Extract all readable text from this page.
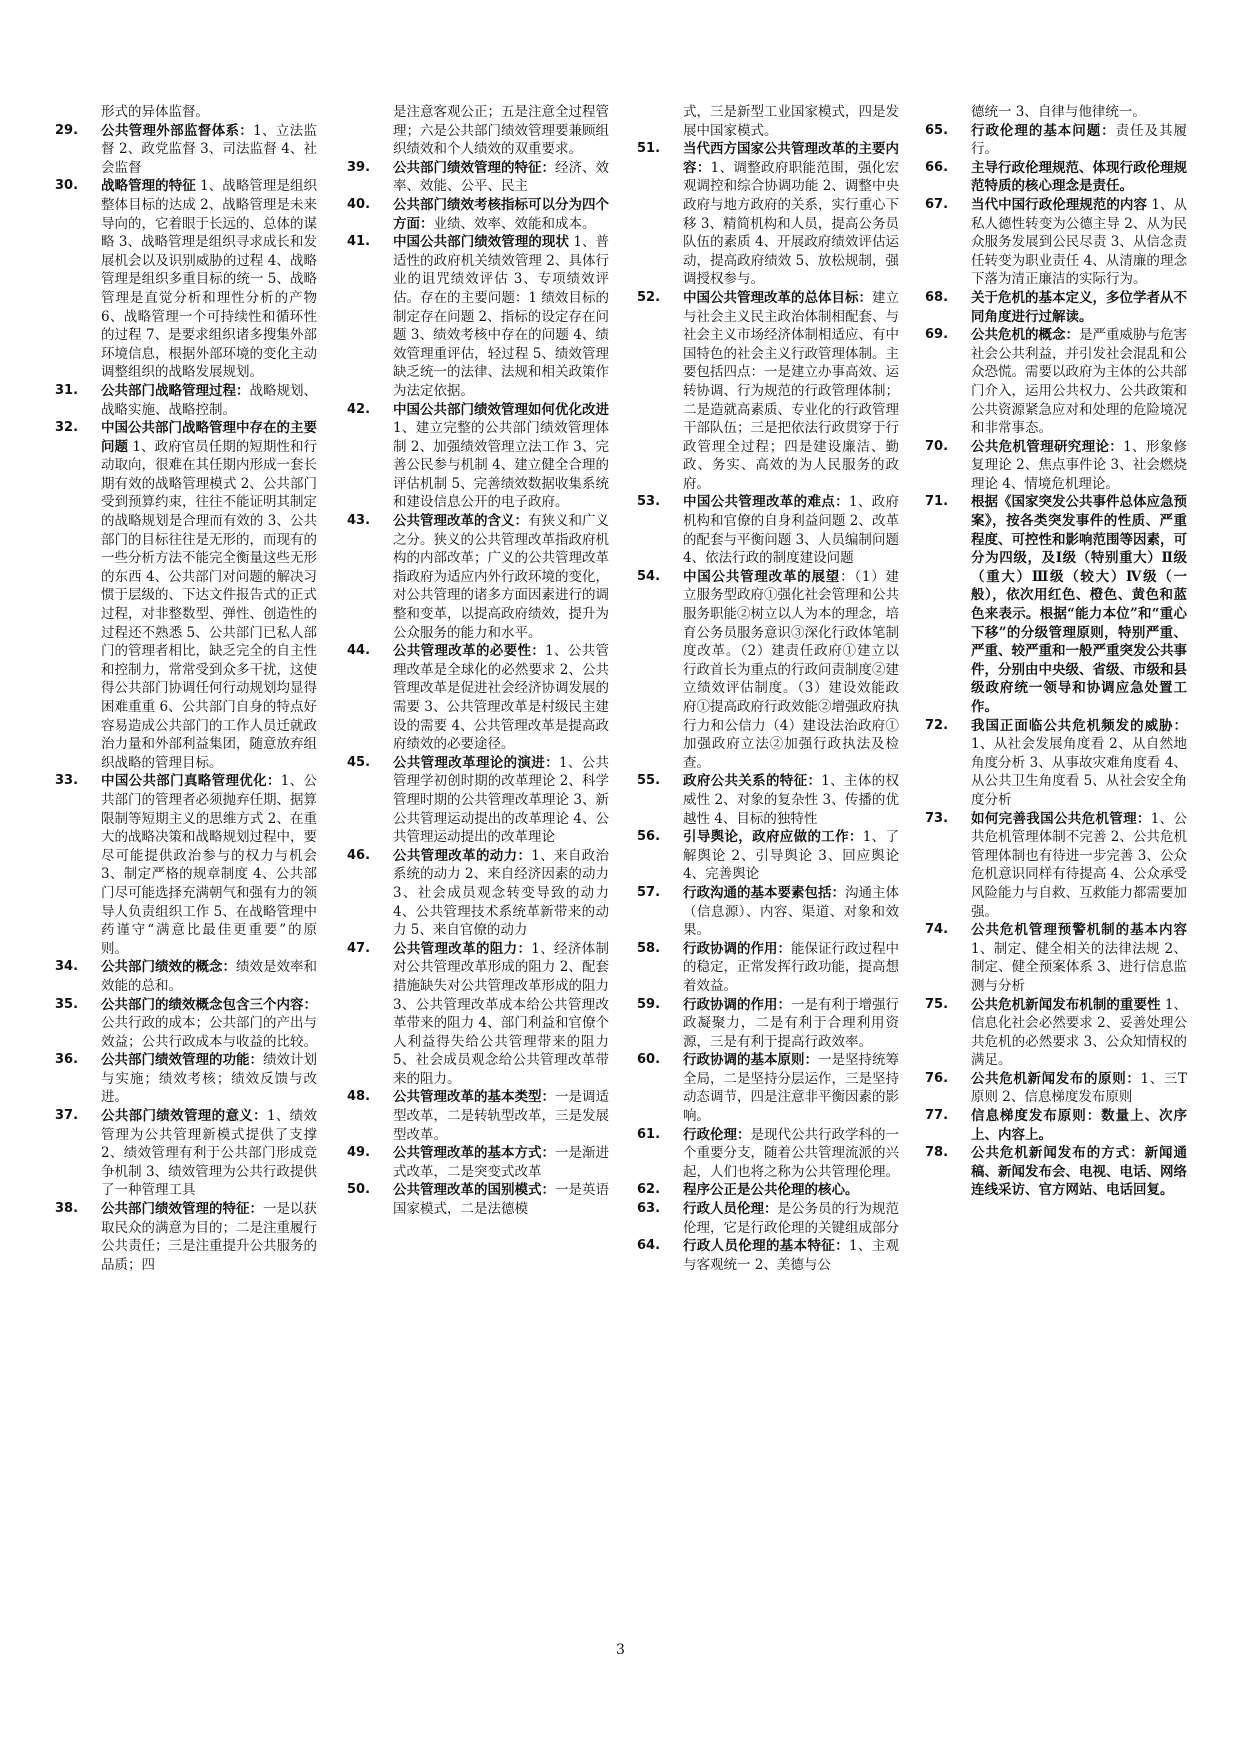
形式的异体监督。
29.	公共管理外部监督体系：1、立法监督 2、政党监督 3、司法监督 4、社会监督
30.	战略管理的特征 1、战略管理是组织整体目标的达成 2、战略管理是未来导向的，它着眼于长远的、总体的谋略 3、战略管理是组织寻求成长和发展机会以及识别威胁的过程 4、战略管理是组织多重目标的统一 5、战略管理是直觉分析和理性分析的产物 6、战略管理一个可持续性和循环性的过程 7、是要求组织诸多搜集外部环境信息，根据外部环境的变化主动调整组织的战略发展规划。
31.	公共部门战略管理过程：战略规划、战略实施、战略控制。
32.	中国公共部门战略管理中存在的主要问题 1、政府官员任期的短期性和行动取向，很难在其任期内形成一套长期有效的战略管理模式 2、公共部门受到预算约束，往往不能证明其制定的战略规划是合理而有效的 3、公共部门的目标往往是无形的，而现有的一些分析方法不能完全衡量这些无形的东西 4、公共部门对问题的解决习惯于层级的、下达文件报告式的正式过程，对非整数型、弹性、创造性的过程还不熟悉 5、公共部门已私人部门的管理者相比，缺乏完全的自主性和控制力，常常受到众多干扰，这使得公共部门协调任何行动规划均显得困难重重 6、公共部门自身的特点好容易造成公共部门的工作人员迁就政治力量和外部利益集团，随意放弃组织战略的管理目标。
33.	中国公共部门真略管理优化：1、公共部门的管理者必须抛弃任期、据算限制等短期主义的思维方式 2、在重大的战略决策和战略规划过程中，要尽可能提供政治参与的权力与机会 3、制定严格的规章制度 4、公共部门尽可能选择充满朝气和强有力的领导人负责组织工作 5、在战略管理中药谨守“满意比最佳更重要”的原则。
34.	公共部门绩效的概念：绩效是效率和效能的总和。
35.	公共部门的绩效概念包含三个内容：公共行政的成本；公共部门的产出与效益；公共行政成本与收益的比较。
36.	公共部门绩效管理的功能：绩效计划与实施；绩效考核；绩效反馈与改进。
37.	公共部门绩效管理的意义：1、绩效管理为公共管理新模式提供了支撑 2、绩效管理有利于公共部门形成竞争机制 3、绩效管理为公共行政提供了一种管理工具
38.	公共部门绩效管理的特征：一是以获取民众的满意为目的；二是注重履行公共责任；三是注重提升公共服务的品质；四
是注意客观公正；五是注意全过程管理；六是公共部门绩效管理要兼顾组织绩效和个人绩效的双重要求。
39.	公共部门绩效管理的特征：经济、效率、效能、公平、民主
40.	公共部门绩效考核指标可以分为四个方面：业绩、效率、效能和成本。
41.	中国公共部门绩效管理的现状 1、普适性的政府机关绩效管理 2、具体行业的诅咒绩效评估 3、专项绩效评估。存在的主要问题：1 绩效目标的制定存在问题 2、指标的设定存在问题 3、绩效考核中存在的问题 4、绩效管理重评估，轻过程 5、绩效管理缺乏统一的法律、法规和相关政策作为法定依据。
42.	中国公共部门绩效管理如何优化改进 1、建立完整的公共部门绩效管理体制 2、加强绩效管理立法工作 3、完善公民参与机制 4、建立健全合理的评估机制 5、完善绩效数据收集系统和建设信息公开的电子政府。
43.	公共管理改革的含义：有狭义和广义之分。狭义的公共管理改革指政府机构的内部改革；广义的公共管理改革指政府为适应内外行政环境的变化，对公共管理的诸多方面因素进行的调整和变革，以提高政府绩效，提升为公众服务的能力和水平。
44.	公共管理改革的必要性：1、公共管理改革是全球化的必然要求 2、公共管理改革是促进社会经济协调发展的需要 3、公共管理改革是村级民主建设的需要 4、公共管理改革是提高政府绩效的必要途径。
45.	公共管理改革理论的演进：1、公共管理学初创时期的改革理论 2、科学管理时期的公共管理改革理论 3、新公共管理运动提出的改革理论 4、公共管理运动提出的改革理论
46.	公共管理改革的动力：1、来自政治系统的动力 2、来自经济因素的动力 3、社会成员观念转变导致的动力 4、公共管理技术系统革新带来的动力 5、来自官僚的动力
47.	公共管理改革的阻力：1、经济体制对公共管理改革形成的阻力 2、配套措施缺失对公共管理改革形成的阻力 3、公共管理改革成本给公共管理改革带来的阻力 4、部门利益和官僚个人利益得失给公共管理带来的阻力 5、社会成员观念给公共管理改革带来的阻力。
48.	公共管理改革的基本类型：一是调适型改革，二是转轨型改革，三是发展型改革。
49.	公共管理改革的基本方式：一是渐进式改革，二是突变式改革
50.	公共管理改革的国别模式：一是英语国家模式，二是法德模
式，三是新型工业国家模式，四是发展中国家模式。
51.	当代西方国家公共管理改革的主要内容：1、调整政府职能范围，强化宏观调控和综合协调功能 2、调整中央政府与地方政府的关系，实行重心下移 3、精简机构和人员，提高公务员队伍的素质 4、开展政府绩效评估运动，提高政府绩效 5、放松规制，强调授权参与。
52.	中国公共管理改革的总体目标：建立与社会主义民主政治体制相配套、与社会主义市场经济体制相适应、有中国特色的社会主义行政管理体制。主要包括四点：一是建立办事高效、运转协调、行为规范的行政管理体制；二是造就高素质、专业化的行政管理干部队伍；三是把依法行政贯穿于行政管理全过程；四是建设廉洁、勤政、务实、高效的为人民服务的政府。
53.	中国公共管理改革的难点：1、政府机构和官僚的自身利益问题 2、改革的配套与平衡问题 3、人员编制问题 4、依法行政的制度建设问题
54.	中国公共管理改革的展望：（1）建立服务型政府①强化社会管理和公共服务职能②树立以人为本的理念，培育公务员服务意识③深化行政体笔制度改革。（2）建责任政府①建立以行政首长为重点的行政问责制度②建立绩效评估制度。（3）建设效能政府①提高政府行政效能②增强政府执行力和公信力（4）建设法治政府①加强政府立法②加强行政执法及检查。
55.	政府公共关系的特征：1、主体的权威性 2、对象的复杂性 3、传播的优越性 4、目标的独特性
56.	引导舆论，政府应做的工作：1、了解舆论 2、引导舆论 3、回应舆论 4、完善舆论
57.	行政沟通的基本要素包括：沟通主体（信息源）、内容、渠道、对象和效果。
58.	行政协调的作用：能保证行政过程中的稳定，正常发挥行政功能，提高想着效益。
59.	行政协调的作用：一是有利于增强行政凝聚力，二是有利于合理利用资源，三是有利于提高行政效率。
60.	行政协调的基本原则：一是坚持统筹全局，二是坚持分层运作，三是坚持动态调节，四是注意非平衡因素的影响。
61.	行政伦理：是现代公共行政学科的一个重要分支，随着公共管理流派的兴起，人们也将之称为公共管理伦理。
62.	程序公正是公共伦理的核心。
63.	行政人员伦理：是公务员的行为规范伦理，它是行政伦理的关键组成部分
64.	行政人员伦理的基本特征：1、主观与客观统一 2、美德与公
德统一 3、自律与他律统一。
65.	行政伦理的基本问题：责任及其履行。
66.	主导行政伦理规范、体现行政伦理规范特质的核心理念是责任。
67.	当代中国行政伦理规范的内容 1、从私人德性转变为公德主导 2、从为民众服务发展到公民尽责 3、从信念责任转变为职业责任 4、从清廉的理念下落为清正廉洁的实际行为。
68.	关于危机的基本定义，多位学者从不同角度进行过解读。
69.	公共危机的概念：是严重威胁与危害社会公共利益，并引发社会混乱和公众恐慌。需要以政府为主体的公共部门介入，运用公共权力、公共政策和公共资源紧急应对和处理的危险境况和非常事态。
70.	公共危机管理研究理论：1、形象修复理论 2、焦点事件论 3、社会燃烧理论 4、情境危机理论。
71.	根据《国家突发公共事件总体应急预案》，按各类突发事件的性质、严重程度、可控性和影响范围等因素，可分为四级，及Ⅰ级（特别重大）Ⅱ级（重大）Ⅲ级（较大）Ⅳ级（一般），依次用红色、橙色、黄色和蓝色来表示。根据“能力本位”和“重心下移”的分级管理原则，特别严重、严重、较严重和一般严重突发公共事件，分别由中央级、省级、市级和县级政府统一领导和协调应急处置工作。
72.	我国正面临公共危机频发的威胁：1、从社会发展角度看 2、从自然地角度分析 3、从事故灾难角度看 4、从公共卫生角度看 5、从社会安全角度分析
73.	如何完善我国公共危机管理：1、公共危机管理体制不完善 2、公共危机管理体制也有待进一步完善 3、公众危机意识同样有待提高 4、公众承受风险能力与自救、互救能力都需要加强。
74.	公共危机管理预警机制的基本内容 1、制定、健全相关的法律法规 2、制定、健全预案体系 3、进行信息监测与分析
75.	公共危机新闻发布机制的重要性 1、信息化社会必然要求 2、妥善处理公共危机的必然要求 3、公众知情权的满足。
76.	公共危机新闻发布的原则：1、三T原则 2、信息梯度发布原则
77.	信息梯度发布原则：数量上、次序上、内容上。
78.	公共危机新闻发布的方式：新闻通稿、新闻发布会、电视、电话、网络连线采访、官方网站、电话回复。
3
